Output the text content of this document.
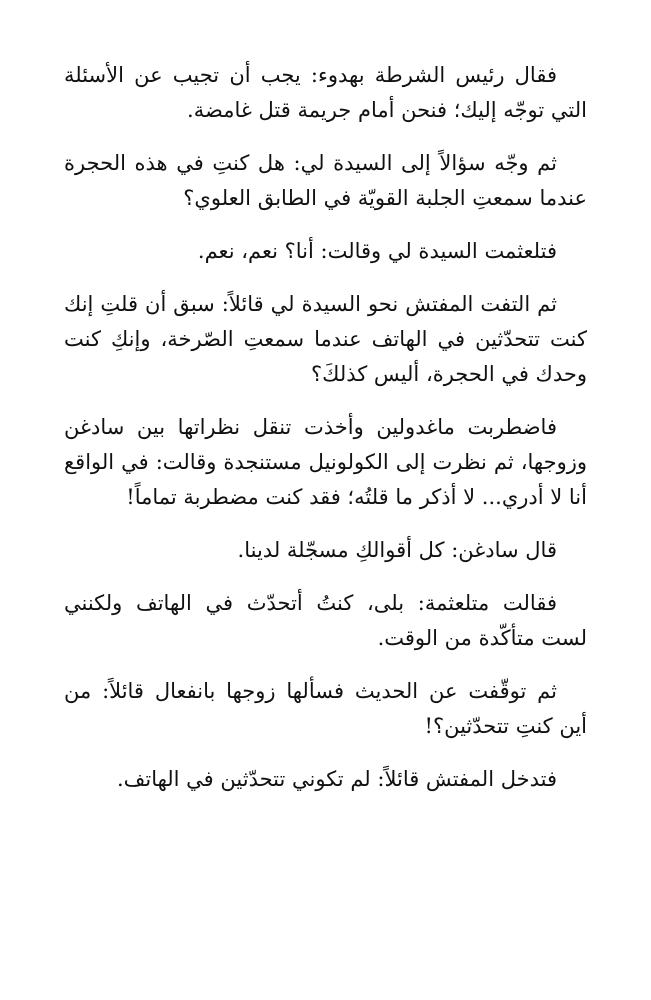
فقال رئيس الشرطة بهدوء: يجب أن تجيب عن الأسئلة التي توجّه إليك؛ فنحن أمام جريمة قتل غامضة.

ثم وجّه سؤالاً إلى السيدة لي: هل كنتِ في هذه الحجرة عندما سمعتِ الجلبة القويّة في الطابق العلوي؟

فتلعثمت السيدة لي وقالت: أنا؟ نعم، نعم.

ثم التفت المفتش نحو السيدة لي قائلاً: سبق أن قلتِ إنك كنت تتحدّثين في الهاتف عندما سمعتِ الصّرخة، وإنكِ كنت وحدك في الحجرة، أليس كذلكَ؟

فاضطربت ماغدولين وأخذت تنقل نظراتها بين سادغن وزوجها، ثم نظرت إلى الكولونيل مستنجدة وقالت: في الواقع أنا لا أدري... لا أذكر ما قلتُه؛ فقد كنت مضطربة تماماً!

قال سادغن: كل أقوالكِ مسجّلة لدينا.

فقالت متلعثمة: بلى، كنتُ أتحدّث في الهاتف ولكنني لست متأكّدة من الوقت.

ثم توقّفت عن الحديث فسألها زوجها بانفعال قائلاً: من أين كنتِ تتحدّثين؟!

فتدخل المفتش قائلاً: لم تكوني تتحدّثين في الهاتف.
